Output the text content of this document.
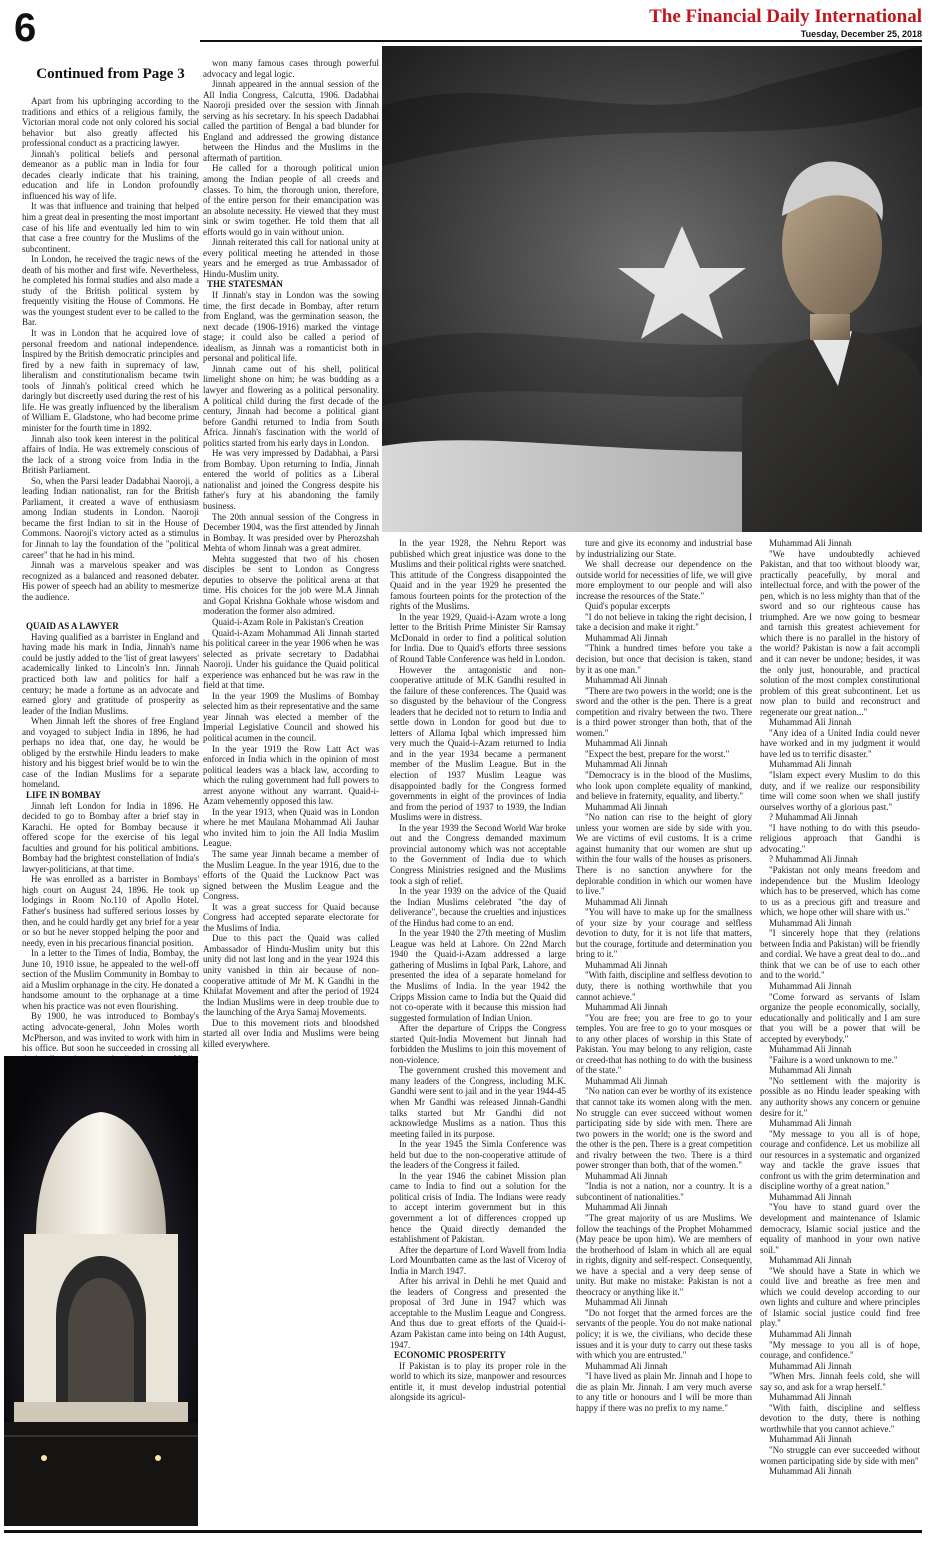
6	The Financial Daily International
Tuesday, December 25, 2018
Continued from Page 3

Apart from his upbringing according to the traditions and ethics of a religious family, the Victorian moral code not only colored his social behavior but also greatly affected his professional conduct as a practicing lawyer.

Jinnah's political beliefs and personal demeanor as a public man in India for four decades clearly indicate that his training, education and life in London profoundly influenced his way of life.

It was that influence and training that helped him a great deal in presenting the most important case of his life and eventually led him to win that case a free country for the Muslims of the subcontinent.

In London, he received the tragic news of the death of his mother and first wife. Nevertheless, he completed his formal studies and also made a study of the British political system by frequently visiting the House of Commons. He was the youngest student ever to be called to the Bar.

It was in London that he acquired love of personal freedom and national independence. Inspired by the British democratic principles and fired by a new faith in supremacy of law, liberalism and constitutionalism became twin tools of Jinnah's political creed which he daringly but discreetly used during the rest of his life. He was greatly influenced by the liberalism of William E. Gladstone, who had become prime minister for the fourth time in 1892.

Jinnah also took keen interest in the political affairs of India. He was extremely conscious of the lack of a strong voice from India in the British Parliament.

So, when the Parsi leader Dadabhai Naoroji, a leading Indian nationalist, ran for the British Parliament, it created a wave of enthusiasm among Indian students in London. Naoroji became the first Indian to sit in the House of Commons. Naoroji's victory acted as a stimulus for Jinnah to lay the foundation of the "political career" that he had in his mind.

Jinnah was a marvelous speaker and was recognized as a balanced and reasoned debater. His power of speech had an ability to mesmerize the audience.

QUAID AS A LAWYER

Having qualified as a barrister in England and having made his mark in India, Jinnah's name could be justly added to the 'list of great lawyers' academically linked to Lincoln's Inn. Jinnah practiced both law and politics for half a century; he made a fortune as an advocate and earned glory and gratitude of prosperity as leader of the Indian Muslims.

When Jinnah left the shores of free England and voyaged to subject India in 1896, he had perhaps no idea that, one day, he would be obliged by the erstwhile Hindu leaders to make history and his biggest brief would be to win the case of the Indian Muslims for a separate homeland.

LIFE IN BOMBAY

Jinnah left London for India in 1896. He decided to go to Bombay after a brief stay in Karachi. He opted for Bombay because it offered scope for the exercise of his legal faculties and ground for his political ambitions. Bombay had the brightest constellation of India's lawyer-politicians, at that time.

He was enrolled as a barrister in Bombays' high court on August 24, 1896. He took up lodgings in Room No.110 of Apollo Hotel. Father's business had suffered serious losses by then, and he could hardly get any brief for a year or so but he never stopped helping the poor and needy, even in his precarious financial position.

In a letter to the Times of India, Bombay, the June 10, 1910 issue, he appealed to the well-off section of the Muslim Community in Bombay to aid a Muslim orphanage in the city. He donated a handsome amount to the orphanage at a time when his practice was not even flourishing.

By 1900, he was introduced to Bombay's acting advocate-general, John Moles worth McPherson, and was invited to work with him in his office. But soon he succeeded in crossing all

won many famous cases through powerful advocacy and legal logic.

Jinnah appeared in the annual session of the All India Congress, Calcutta, 1906. Dadabhai Naoroji presided over the session with Jinnah serving as his secretary. In his speech Dadabhai called the partition of Bengal a bad blunder for England and addressed the growing distance between the Hindus and the Muslims in the aftermath of partition.

He called for a thorough political union among the Indian people of all creeds and classes. To him, the thorough union, therefore, of the entire person for their emancipation was an absolute necessity. He viewed that they must sink or swim together. He told them that all efforts would go in vain without union.

Jinnah reiterated this call for national unity at every political meeting he attended in those years and he emerged as true Ambassador of Hindu-Muslim unity.

THE STATESMAN

If Jinnah's stay in London was the sowing time, the first decade in Bombay, after return from England, was the germination season, the next decade (1906-1916) marked the vintage stage; it could also be called a period of idealism, as Jinnah was a romanticist both in personal and political life.

Jinnah came out of his shell, political limelight shone on him; he was budding as a lawyer and flowering as a political personality. A political child during the first decade of the century, Jinnah had become a political giant before Gandhi returned to India from South Africa. Jinnah's fascination with the world of politics started from his early days in London.

He was very impressed by Dadabhai, a Parsi from Bombay. Upon returning to India, Jinnah entered the world of politics as a Liberal nationalist and joined the Congress despite his father's fury at his abandoning the family business.

The 20th annual session of the Congress in December 1904, was the first attended by Jinnah in Bombay. It was presided over by Pherozshah Mehta of whom Jinnah was a great admirer.

Mehta suggested that two of his chosen disciples be sent to London as Congress deputies to observe the political arena at that time. His choices for the job were M.A Jinnah and Gopal Krishna Gokhale whose wisdom and moderation the former also admired.

Quaid-i-Azam Role in Pakistan's Creation

Quaid-i-Azam Mohammad Ali Jinnah started his political career in the year 1906 when he was selected as private secretary to Dadabhai Naoroji. Under his guidance the Quaid political experience was enhanced but he was raw in the field at that time.

In the year 1909 the Muslims of Bombay selected him as their representative and the same year Jinnah was elected a member of the Imperial Legislative Council and showed his political acumen in the council.

In the year 1919 the Row Latt Act was enforced in India which in the opinion of most political leaders was a black law, according to which the ruling government had full powers to arrest anyone without any warrant. Quaid-i-Azam vehemently opposed this law.

In the year 1913, when Quaid was in London where he met Maulana Mohammad Ali Jauhar who invited him to join the All India Muslim League.

The same year Jinnah became a member of the Muslim League. In the year 1916, due to the efforts of the Quaid the Lucknow Pact was signed between the Muslim League and the Congress.

It was a great success for Quaid because Congress had accepted separate electorate for the Muslims of India.

Due to this pact the Quaid was called Ambassador of Hindu-Muslim unity but this unity did not last long and in the year 1924 this unity vanished in thin air because of non-cooperative attitude of Mr M. K Gandhi in the Khilafat Movement and after the period of 1924 the Indian Muslims were in deep trouble due to the launching of the Arya Samaj Movements.

Due to this movement riots and bloodshed started all over India and Muslims were being killed everywhere.

In the year 1928, the Nehru Report was published which great injustice was done to the Muslims and their political rights were snatched. This attitude of the Congress disappointed the Quaid and in the year 1929 he presented the famous fourteen points for the protection of the rights of the Muslims.

In the year 1929, Quaid-i-Azam wrote a long letter to the British Prime Minister Sir Ramsay McDonald in order to find a political solution for India. Due to Quaid's efforts three sessions of Round Table Conference was held in London.

However the antagonistic and non-cooperative attitude of M.K Gandhi resulted in the failure of these conferences. The Quaid was so disgusted by the behaviour of the Congress leaders that he decided not to return to India and settle down in London for good but due to letters of Allama Iqbal which impressed him very much the Quaid-i-Azam returned to India and in the year 1934 became a permanent member of the Muslim League. But in the election of 1937 Muslim League was disappointed badly for the Congress formed governments in eight of the provinces of India and from the period of 1937 to 1939, the Indian Muslims were in distress.

In the year 1939 the Second World War broke out and the Congress demanded maximum provincial autonomy which was not acceptable to the Government of India due to which Congress Ministries resigned and the Muslims took a sigh of relief.

In the year 1939 on the advice of the Quaid the Indian Muslims celebrated "the day of deliverance", because the cruelties and injustices of the Hindus had come to an end.

In the year 1940 the 27th meeting of Muslim League was held at Lahore. On 22nd March 1940 the Quaid-i-Azam addressed a large gathering of Muslims in Iqbal Park, Lahore, and presented the idea of a separate homeland for the Muslims of India. In the year 1942 the Cripps Mission came to India but the Quaid did not co-operate with it because this mission had suggested formulation of Indian Union.

After the departure of Cripps the Congress started Quit-India Movement but Jinnah had forbidden the Muslims to join this movement of non-violence.

The government crushed this movement and many leaders of the Congress, including M.K. Gandhi were sent to jail and in the year 1944-45 when Mr Gandhi was released Jinnah-Gandhi talks started but Mr Gandhi did not acknowledge Muslims as a nation. Thus this meeting failed in its purpose.

In the year 1945 the Simla Conference was held but due to the non-cooperative attitude of the leaders of the Congress it failed.

In the year 1946 the cabinet Mission plan came to India to find out a solution for the political crisis of India. The Indians were ready to accept interim government but in this government a lot of differences cropped up hence the Quaid directly demanded the establishment of Pakistan.

After the departure of Lord Wavell from India Lord Mountbatten came as the last of Viceroy of India in March 1947.

After his arrival in Dehli he met Quaid and the leaders of Congress and presented the proposal of 3rd June in 1947 which was acceptable to the Muslim League and Congress. And thus due to great efforts of the Quaid-i-Azam Pakistan came into being on 14th August, 1947.

ECONOMIC PROSPERITY

If Pakistan is to play its proper role in the world to which its size, manpower and resources entitle it, it must develop industrial potential alongside its agricul-

ture and give its economy and industrial base by industrializing our State.

We shall decrease our dependence on the outside world for necessities of life, we will give more employment to our people and will also increase the resources of the State."

Quid's popular excerpts

"I do not believe in taking the right decision, I take a decision and make it right."

Muhammad Ali Jinnah

"Think a hundred times before you take a decision, but once that decision is taken, stand by it as one man."

Muhammad Ali Jinnah

"There are two powers in the world; one is the sword and the other is the pen. There is a great competition and rivalry between the two. There is a third power stronger than both, that of the women."

Muhammad Ali Jinnah

"Expect the best, prepare for the worst."

Muhammad Ali Jinnah

"Democracy is in the blood of the Muslims, who look upon complete equality of mankind, and believe in fraternity, equality, and liberty."

Muhammad Ali Jinnah

"No nation can rise to the height of glory unless your women are side by side with you. We are victims of evil customs. It is a crime against humanity that our women are shut up within the four walls of the houses as prisoners. There is no sanction anywhere for the deplorable condition in which our women have to live."

Muhammad Ali Jinnah

"You will have to make up for the smallness of your size by your courage and selfless devotion to duty, for it is not life that matters, but the courage, fortitude and determination you bring to it."

Muhammad Ali Jinnah

"With faith, discipline and selfless devotion to duty, there is nothing worthwhile that you cannot achieve."

Muhammad Ali Jinnah

"You are free; you are free to go to your temples. You are free to go to your mosques or to any other places of worship in this State of Pakistan. You may belong to any religion, caste or creed-that has nothing to do with the business of the state."

Muhammad Ali Jinnah

"No nation can ever be worthy of its existence that cannot take its women along with the men. No struggle can ever succeed without women participating side by side with men. There are two powers in the world; one is the sword and the other is the pen. There is a great competition and rivalry between the two. There is a third power stronger than both, that of the women."

Muhammad Ali Jinnah

"India is not a nation, nor a country. It is a subcontinent of nationalities."

Muhammad Ali Jinnah

"The great majority of us are Muslims. We follow the teachings of the Prophet Mohammed (May peace be upon him). We are members of the brotherhood of Islam in which all are equal in rights, dignity and self-respect. Consequently, we have a special and a very deep sense of unity. But make no mistake: Pakistan is not a theocracy or anything like it."

Muhammad Ali Jinnah

"Do not forget that the armed forces are the servants of the people. You do not make national policy; it is we, the civilians, who decide these issues and it is your duty to carry out these tasks with which you are entrusted."

Muhammad Ali Jinnah

"I have lived as plain Mr. Jinnah and I hope to die as plain Mr. Jinnah. I am very much averse to any title or honours and I will be more than happy if there was no prefix to my name."

Muhammad Ali Jinnah

"We have undoubtedly achieved Pakistan, and that too without bloody war, practically peacefully, by moral and intellectual force, and with the power of the pen, which is no less mighty than that of the sword and so our righteous cause has triumphed. Are we now going to besmear and tarnish this greatest achievement for which there is no parallel in the history of the world? Pakistan is now a fait accompli and it can never be undone; besides, it was the only just, honourable, and practical solution of the most complex constitutional problem of this great subcontinent. Let us now plan to build and reconstruct and regenerate our great nation..."

Muhammad Ali Jinnah

"Any idea of a United India could never have worked and in my judgment it would have led us to terrific disaster."

Muhammad Ali Jinnah

"Islam expect every Muslim to do this duty, and if we realize our responsibility time will come soon when we shall justify ourselves worthy of a glorious past."

? Muhammad Ali Jinnah

"I have nothing to do with this pseudo-religious approach that Gandhi is advocating."

? Muhammad Ali Jinnah

"Pakistan not only means freedom and independence but the Muslim Ideology which has to be preserved, which has come to us as a precious gift and treasure and which, we hope other will share with us."

Muhammad Ali Jinnah

"I sincerely hope that they (relations between India and Pakistan) will be friendly and cordial. We have a great deal to do...and think that we can be of use to each other and to the world."

Muhammad Ali Jinnah

"Come forward as servants of Islam organize the people economically, socially, educationally and politically and I am sure that you will be a power that will be accepted by everybody."

Muhammad Ali Jinnah

"Failure is a word unknown to me."

Muhammad Ali Jinnah

"No settlement with the majority is possible as no Hindu leader speaking with any authority shows any concern or genuine desire for it."

Muhammad Ali Jinnah

"My message to you all is of hope, courage and confidence. Let us mobilize all our resources in a systematic and organized way and tackle the grave issues that confront us with the grim determination and discipline worthy of a great nation."

Muhammad Ali Jinnah

"You have to stand guard over the development and maintenance of Islamic democracy, Islamic social justice and the equality of manhood in your own native soil."

Muhammad Ali Jinnah

"We should have a State in which we could live and breathe as free men and which we could develop according to our own lights and culture and where principles of Islamic social justice could find free play."

Muhammad Ali Jinnah

"My message to you all is of hope, courage, and confidence."

Muhammad Ali Jinnah

"When Mrs. Jinnah feels cold, she will say so, and ask for a wrap herself."

Muhammad Ali Jinnah

"With faith, discipline and selfless devotion to the duty, there is nothing worthwhile that you cannot achieve."

Muhammad Ali Jinnah

"No struggle can ever succeeded without women participating side by side with men"

Muhammad Ali Jinnah
